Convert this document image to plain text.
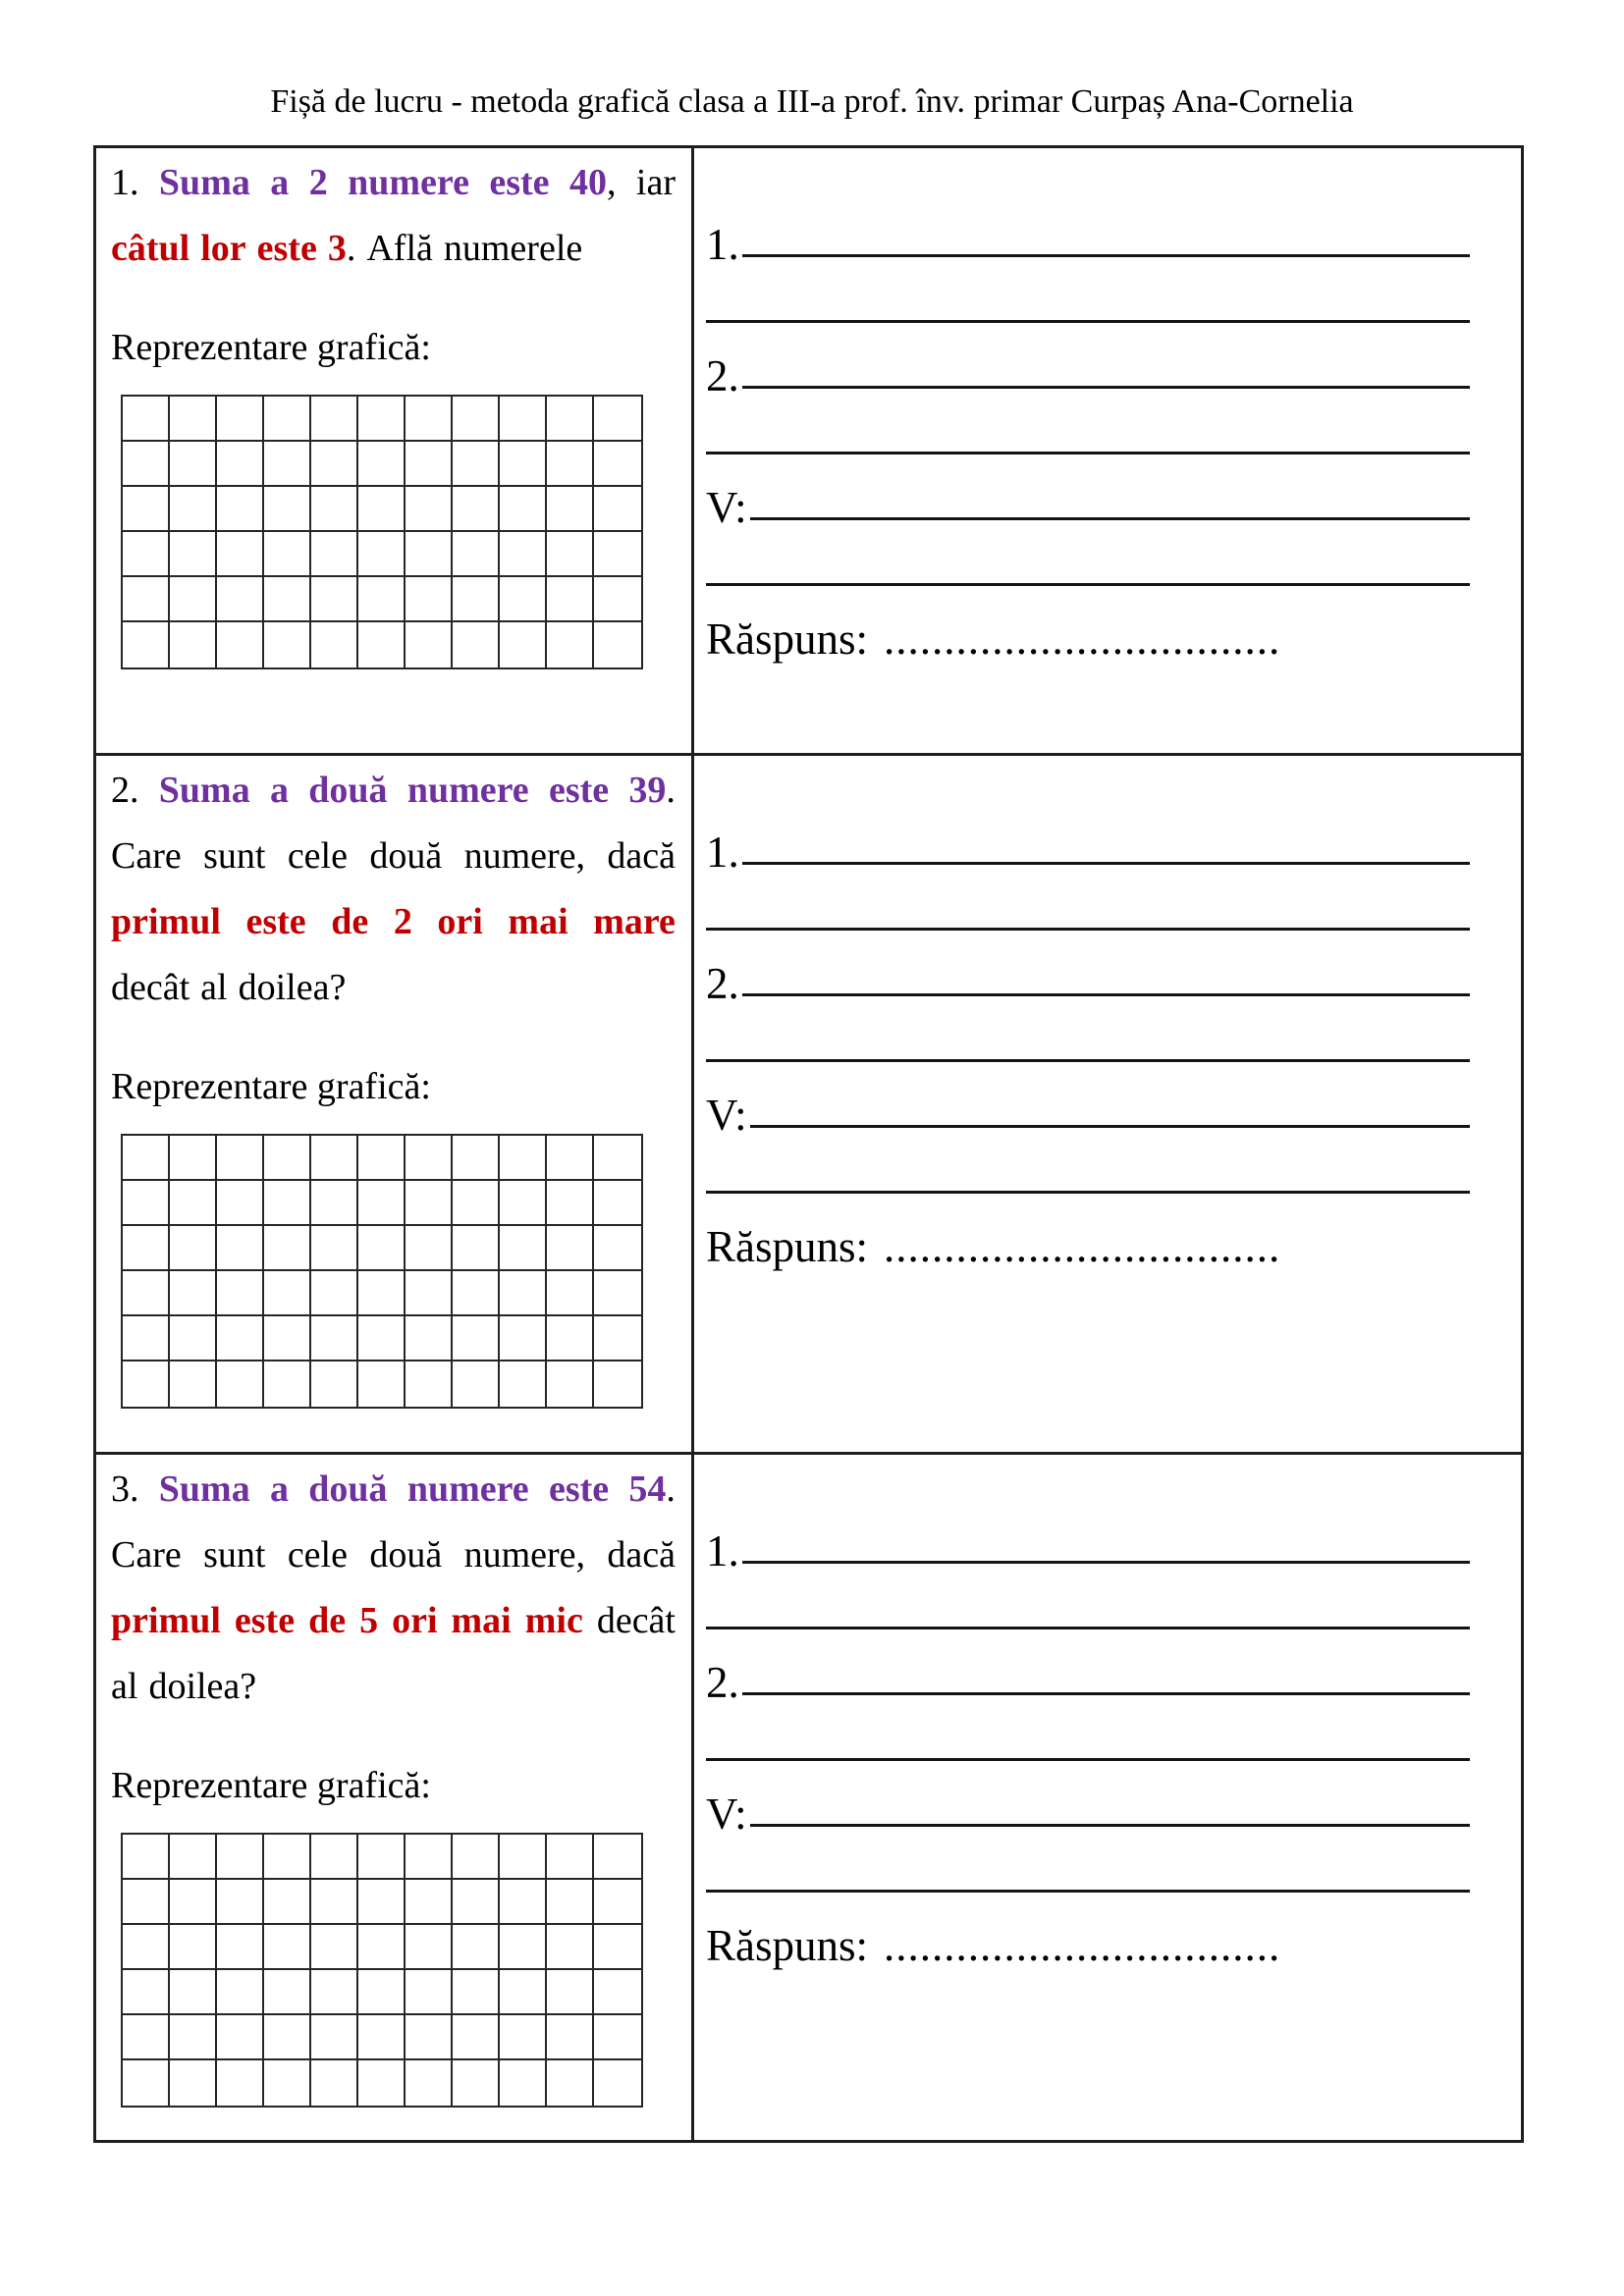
Fișă de lucru - metoda grafică clasa a III-a prof. înv. primar Curpaș Ana-Cornelia
1. Suma a 2 numere este 40, iar
câtul lor este 3. Află numerele
Reprezentare grafică:
1.
2.
V:
Răspuns: .................................
2. Suma a două numere este 39.
Care sunt cele două numere, dacă
primul este de 2 ori mai mare
decât al doilea?
Reprezentare grafică:
1.
2.
V:
Răspuns: .................................
3. Suma a două numere este 54.
Care sunt cele două numere, dacă
primul este de 5 ori mai mic decât
al doilea?
Reprezentare grafică:
1.
2.
V:
Răspuns: .................................
